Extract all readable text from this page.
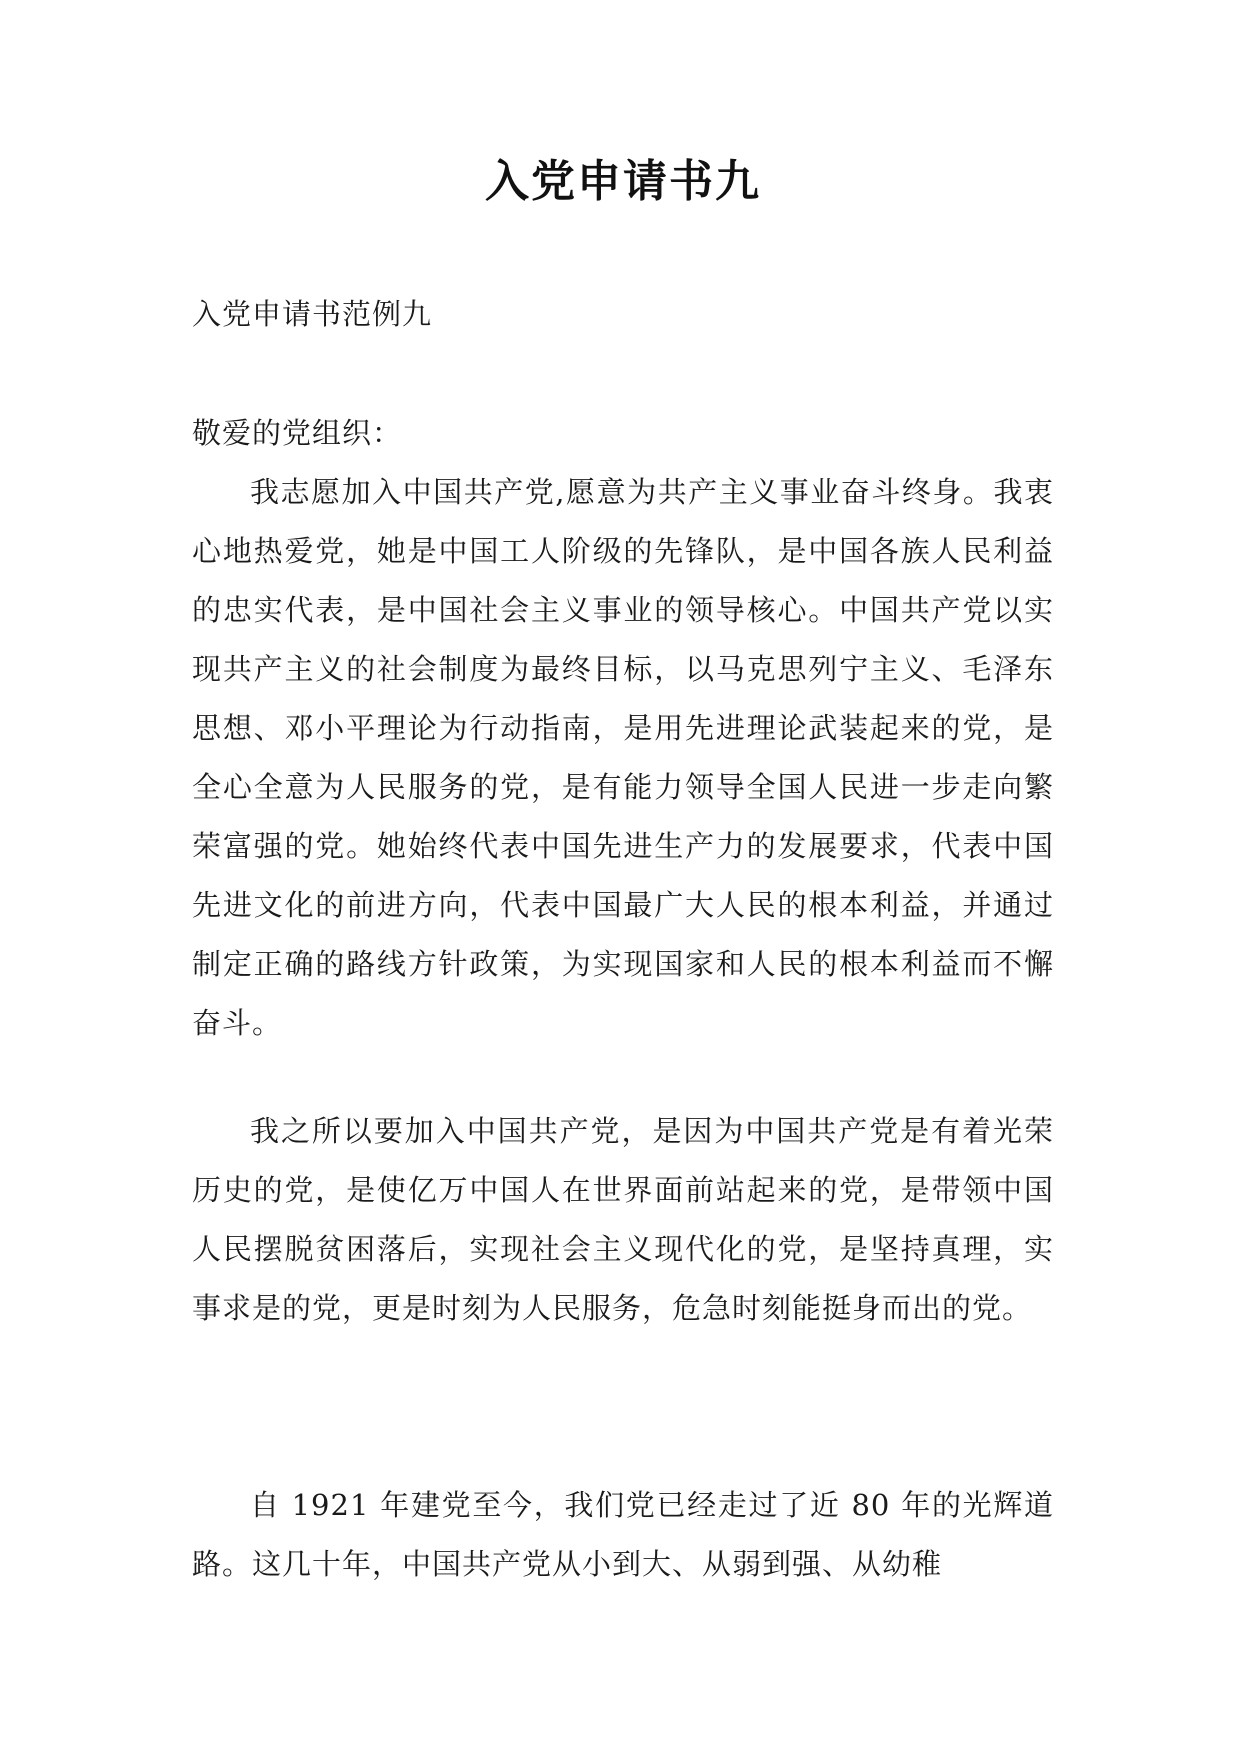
入党申请书九
入党申请书范例九
敬爱的党组织：

我志愿加入中国共产党,愿意为共产主义事业奋斗终身。我衷心地热爱党，她是中国工人阶级的先锋队，是中国各族人民利益的忠实代表，是中国社会主义事业的领导核心。中国共产党以实现共产主义的社会制度为最终目标，以马克思列宁主义、毛泽东思想、邓小平理论为行动指南，是用先进理论武装起来的党，是全心全意为人民服务的党，是有能力领导全国人民进一步走向繁荣富强的党。她始终代表中国先进生产力的发展要求，代表中国先进文化的前进方向，代表中国最广大人民的根本利益，并通过制定正确的路线方针政策，为实现国家和人民的根本利益而不懈奋斗。

我之所以要加入中国共产党，是因为中国共产党是有着光荣历史的党，是使亿万中国人在世界面前站起来的党，是带领中国人民摆脱贫困落后，实现社会主义现代化的党，是坚持真理，实事求是的党，更是时刻为人民服务，危急时刻能挺身而出的党。

自 1921 年建党至今，我们党已经走过了近 80 年的光辉道路。这几十年，中国共产党从小到大、从弱到强、从幼稚
